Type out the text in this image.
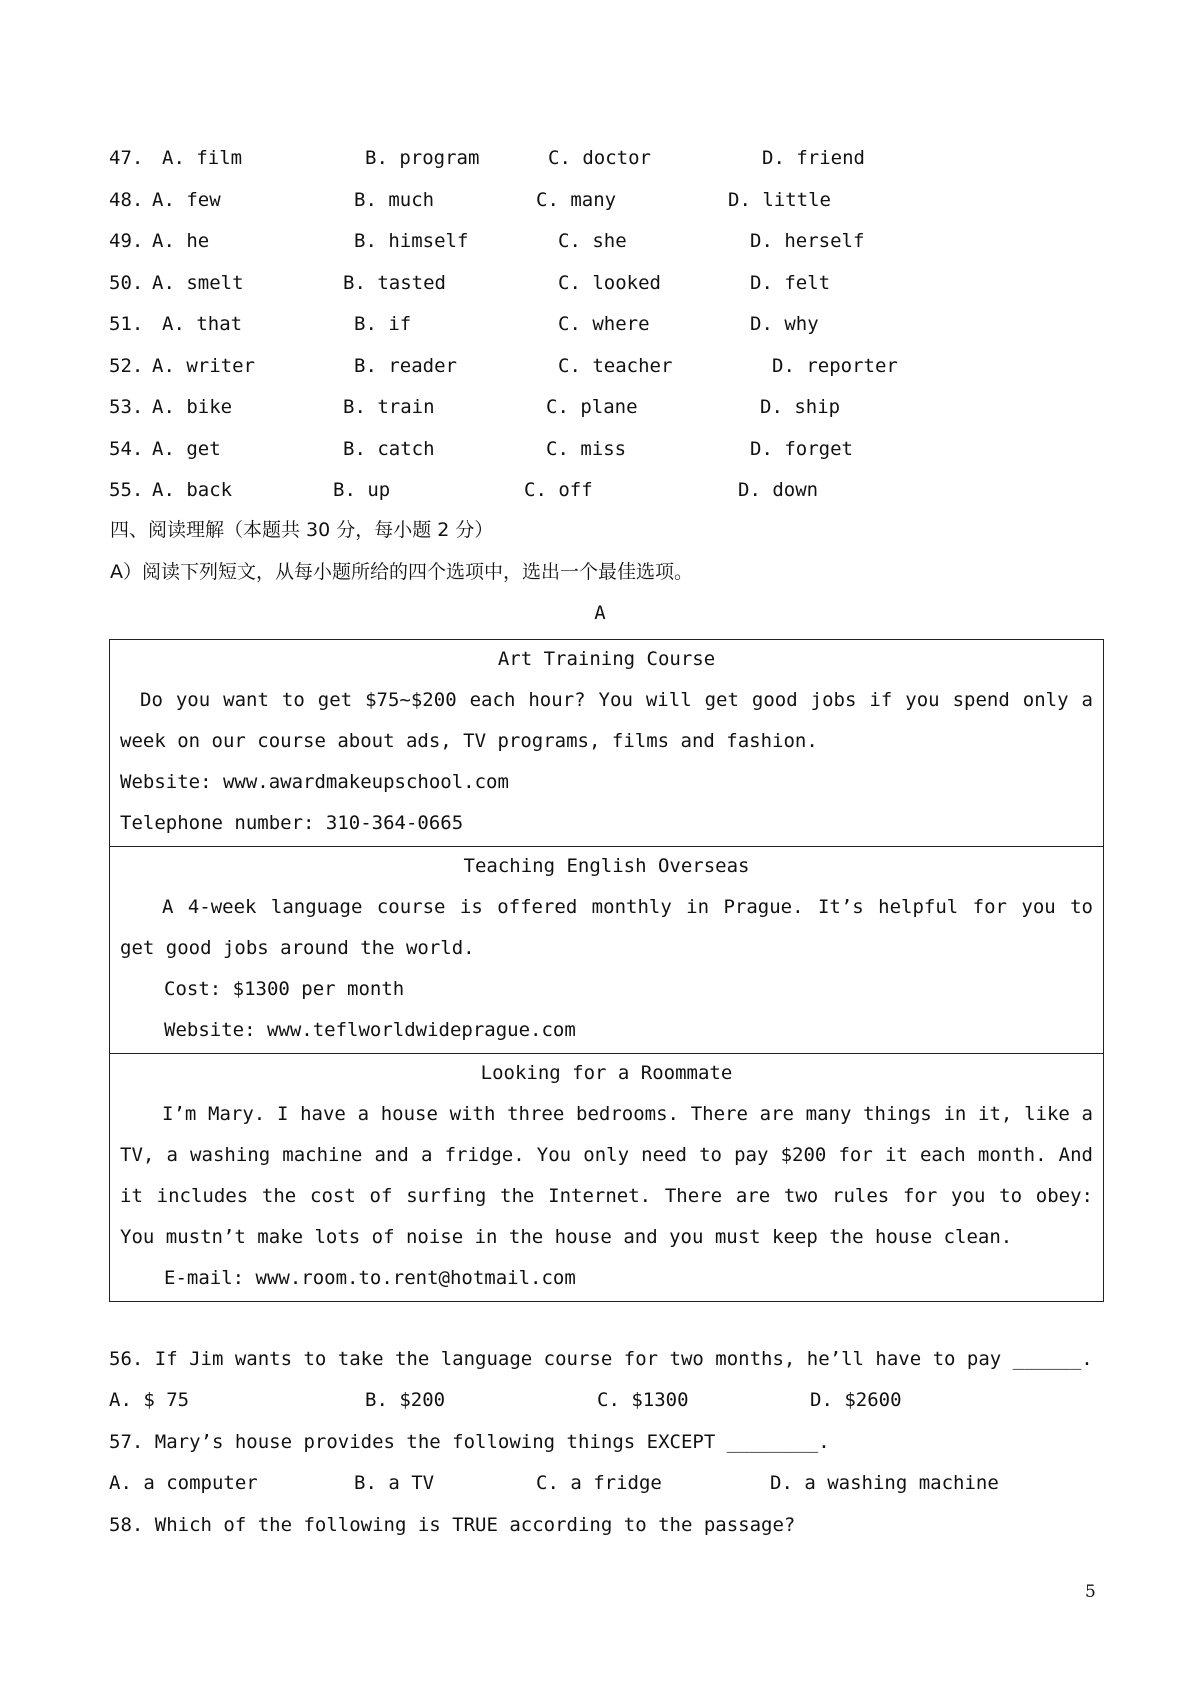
47. A. film	B. program	C. doctor	D. friend
48. A. few	B. much	C. many	D. little
49. A. he	B. himself	C. she	D. herself
50. A. smelt	B. tasted	C. looked	D. felt
51. A. that	B. if	C. where	D. why
52. A. writer	B. reader	C. teacher	D. reporter
53. A. bike	B. train	C. plane	D. ship
54. A. get	B. catch	C. miss	D. forget
55. A. back	B. up	C. off	D. down
四、阅读理解（本题共 30 分，每小题 2 分）
A）阅读下列短文，从每小题所给的四个选项中，选出一个最佳选项。
A
Art Training Course

Do you want to get $75~$200 each hour? You will get good jobs if you spend only a week on our course about ads, TV programs, films and fashion.

Website: www.awardmakeupschool.com

Telephone number: 310-364-0665

Teaching English Overseas

A 4-week language course is offered monthly in Prague. It’s helpful for you to get good jobs around the world.

Cost: $1300 per month

Website: www.teflworldwideprague.com

Looking for a Roommate

I’m Mary. I have a house with three bedrooms. There are many things in it, like a TV, a washing machine and a fridge. You only need to pay $200 for it each month. And it includes the cost of surfing the Internet. There are two rules for you to obey: You mustn’t make lots of noise in the house and you must keep the house clean.

E-mail: www.room.to.rent@hotmail.com

56. If Jim wants to take the language course for two months, he’ll have to pay ______.
A. $ 75	B. $200	C. $1300	D. $2600
57. Mary’s house provides the following things EXCEPT ________.
A. a computer	B. a TV	C. a fridge	D. a washing machine
58. Which of the following is TRUE according to the passage?
5
